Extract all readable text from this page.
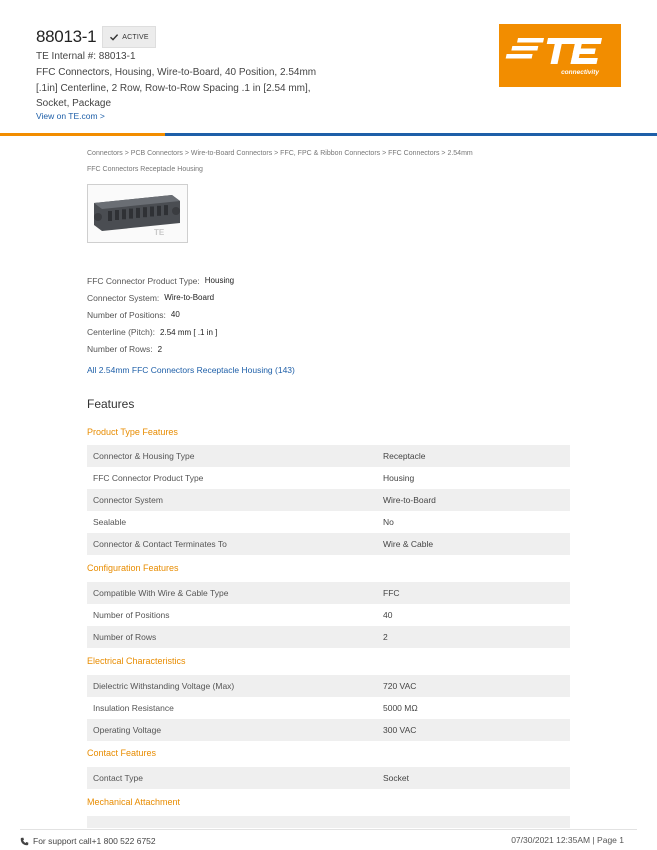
88013-1	ACTIVE
TE Internal #: 88013-1
FFC Connectors, Housing, Wire-to-Board, 40 Position, 2.54mm [.1in] Centerline, 2 Row, Row-to-Row Spacing .1 in [2.54 mm], Socket, Package
View on TE.com >
connectivity
Connectors > PCB Connectors > Wire-to-Board Connectors > FFC, FPC & Ribbon Connectors > FFC Connectors > 2.54mm FFC Connectors Receptacle Housing
TE
FFC Connector Product Type: Housing
Connector System: Wire-to-Board
Number of Positions: 40
Centerline (Pitch): 2.54 mm [ .1 in ]
Number of Rows: 2
All 2.54mm FFC Connectors Receptacle Housing (143)
Features
Product Type Features
Connector & Housing Type	Receptacle
FFC Connector Product Type	Housing
Connector System	Wire-to-Board
Sealable	No
Connector & Contact Terminates To	Wire & Cable
Configuration Features
Compatible With Wire & Cable Type	FFC
Number of Positions	40
Number of Rows	2
Electrical Characteristics
Dielectric Withstanding Voltage (Max)	720 VAC
Insulation Resistance	5000 MΩ
Operating Voltage	300 VAC
Contact Features
Contact Type	Socket
Mechanical Attachment
For support call+1 800 522 6752	07/30/2021 12:35AM | Page 1
